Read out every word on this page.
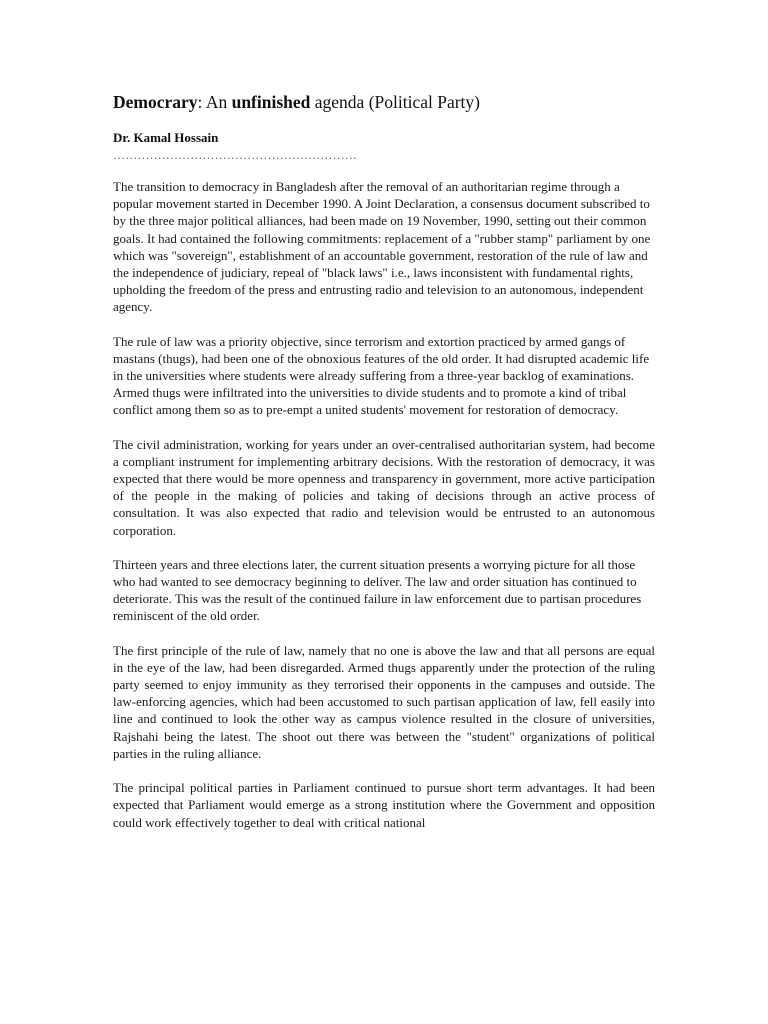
Democrary: An unfinished agenda (Political Party)

Dr. Kamal Hossain

……………………………………………………

The transition to democracy in Bangladesh after the removal of an authoritarian regime through a popular movement started in December 1990. A Joint Declaration, a consensus document subscribed to by the three major political alliances, had been made on 19 November, 1990, setting out their common goals. It had contained the following commitments: replacement of a "rubber stamp" parliament by one which was "sovereign", establishment of an accountable government, restoration of the rule of law and the independence of judiciary, repeal of "black laws" i.e., laws inconsistent with fundamental rights, upholding the freedom of the press and entrusting radio and television to an autonomous, independent agency.

The rule of law was a priority objective, since terrorism and extortion practiced by armed gangs of mastans (thugs), had been one of the obnoxious features of the old order. It had disrupted academic life in the universities where students were already suffering from a three-year backlog of examinations. Armed thugs were infiltrated into the universities to divide students and to promote a kind of tribal conflict among them so as to pre-empt a united students' movement for restoration of democracy.

The civil administration, working for years under an over-centralised authoritarian system, had become a compliant instrument for implementing arbitrary decisions. With the restoration of democracy, it was expected that there would be more openness and transparency in government, more active participation of the people in the making of policies and taking of decisions through an active process of consultation. It was also expected that radio and television would be entrusted to an autonomous corporation.

Thirteen years and three elections later, the current situation presents a worrying picture for all those who had wanted to see democracy beginning to deliver. The law and order situation has continued to deteriorate. This was the result of the continued failure in law enforcement due to partisan procedures reminiscent of the old order.

The first principle of the rule of law, namely that no one is above the law and that all persons are equal in the eye of the law, had been disregarded. Armed thugs apparently under the protection of the ruling party seemed to enjoy immunity as they terrorised their opponents in the campuses and outside. The law-enforcing agencies, which had been accustomed to such partisan application of law, fell easily into line and continued to look the other way as campus violence resulted in the closure of universities, Rajshahi being the latest. The shoot out there was between the "student" organizations of political parties in the ruling alliance.

The principal political parties in Parliament continued to pursue short term advantages. It had been expected that Parliament would emerge as a strong institution where the Government and opposition could work effectively together to deal with critical national
